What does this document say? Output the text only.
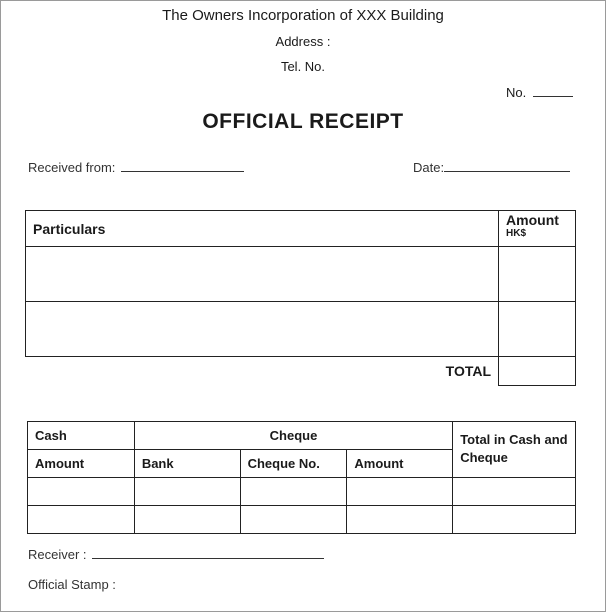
The Owners Incorporation of XXX Building
Address :
Tel. No.
No.
OFFICIAL RECEIPT
Received from:	Date:
Particulars	Amount
HK$

TOTAL	
Cash	Cheque			Total in Cash and Cheque
Amount	Bank	Cheque No.	Amount	

Receiver :
Official Stamp :
